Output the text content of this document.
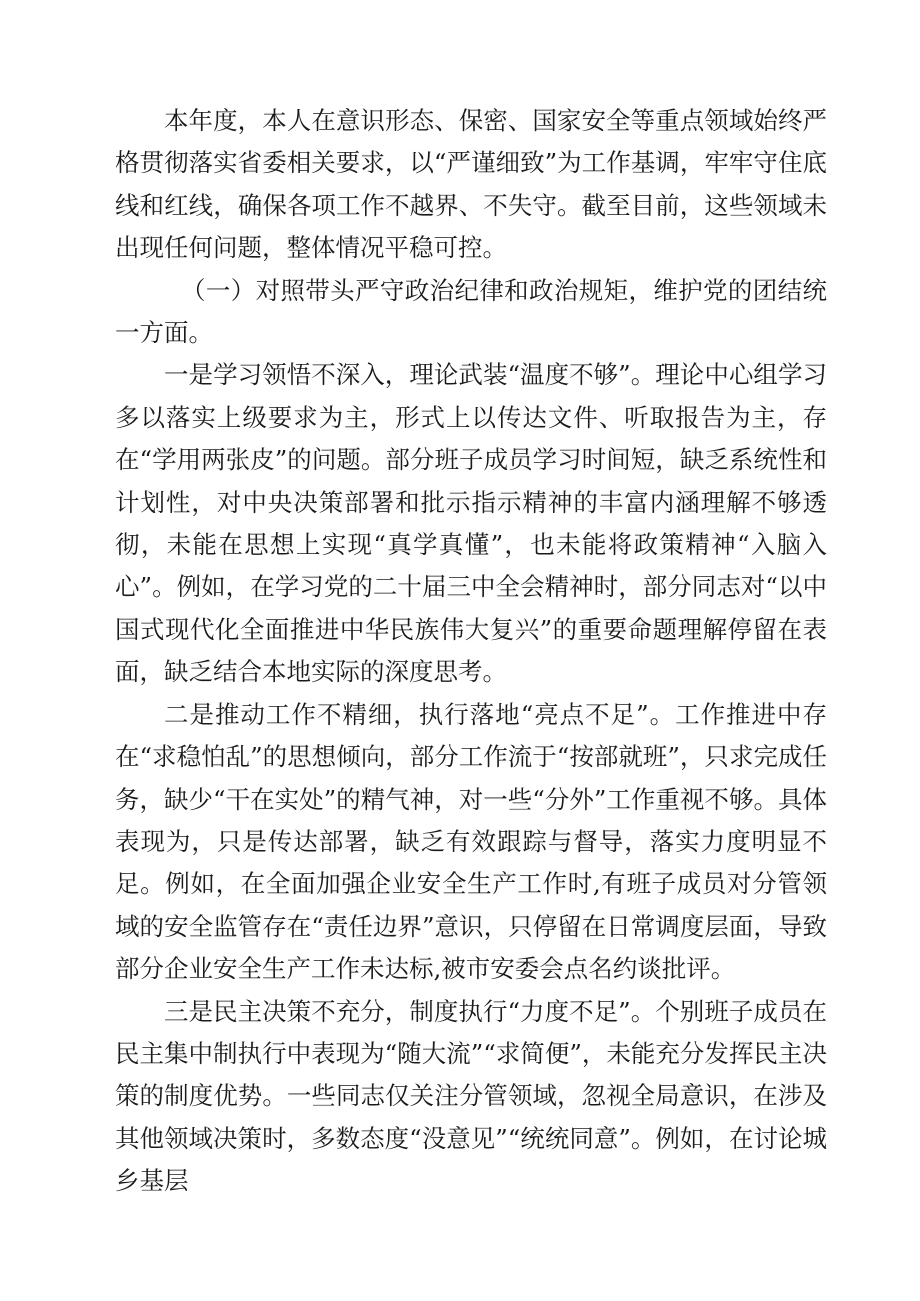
本年度，本人在意识形态、保密、国家安全等重点领域始终严格贯彻落实省委相关要求，以“严谨细致”为工作基调，牢牢守住底线和红线，确保各项工作不越界、不失守。截至目前，这些领域未出现任何问题，整体情况平稳可控。

（一）对照带头严守政治纪律和政治规矩，维护党的团结统一方面。

一是学习领悟不深入，理论武装“温度不够”。理论中心组学习多以落实上级要求为主，形式上以传达文件、听取报告为主，存在“学用两张皮”的问题。部分班子成员学习时间短，缺乏系统性和计划性，对中央决策部署和批示指示精神的丰富内涵理解不够透彻，未能在思想上实现“真学真懂”，也未能将政策精神“入脑入心”。例如，在学习党的二十届三中全会精神时，部分同志对“以中国式现代化全面推进中华民族伟大复兴”的重要命题理解停留在表面，缺乏结合本地实际的深度思考。

二是推动工作不精细，执行落地“亮点不足”。工作推进中存在“求稳怕乱”的思想倾向，部分工作流于“按部就班”，只求完成任务，缺少“干在实处”的精气神，对一些“分外”工作重视不够。具体表现为，只是传达部署，缺乏有效跟踪与督导，落实力度明显不足。例如，在全面加强企业安全生产工作时,有班子成员对分管领域的安全监管存在“责任边界”意识，只停留在日常调度层面，导致部分企业安全生产工作未达标,被市安委会点名约谈批评。

三是民主决策不充分，制度执行“力度不足”。个别班子成员在民主集中制执行中表现为“随大流”“求简便”，未能充分发挥民主决策的制度优势。一些同志仅关注分管领域，忽视全局意识，在涉及其他领域决策时，多数态度“没意见”“统统同意”。例如，在讨论城乡基层
